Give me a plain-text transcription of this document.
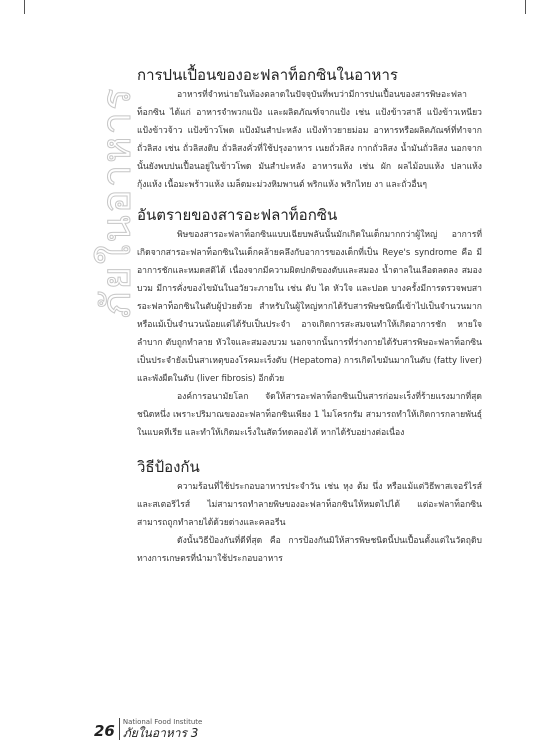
ภัยในอาหาร
การปนเปื้อนของอะฟลาท็อกซินในอาหาร

อาหารที่จำหน่ายในท้องตลาดในปัจจุบันที่พบว่ามีการปนเปื้อนของสารพิษอะฟลาท็อกซิน ได้แก่ อาหารจำพวกแป้ง และผลิตภัณฑ์จากแป้ง เช่น แป้งข้าวสาลี แป้งข้าวเหนียว แป้งข้าวจ้าว แป้งข้าวโพด แป้งมันสำปะหลัง แป้งท้าวยายม่อม อาหารหรือผลิตภัณฑ์ที่ทำจากถั่วลิสง เช่น ถั่วลิสงดิบ ถั่วลิสงคั่วที่ใช้ปรุงอาหาร เนยถั่วลิสง กากถั่วลิสง น้ำมันถั่วลิสง นอกจากนั้นยังพบปนเปื้อนอยู่ในข้าวโพด มันสำปะหลัง อาหารแห้ง เช่น ผัก ผลไม้อบแห้ง ปลาแห้ง กุ้งแห้ง เนื้อมะพร้าวแห้ง เมล็ดมะม่วงหิมพานต์ พริกแห้ง พริกไทย งา และถั่วอื่นๆ

อันตรายของสารอะฟลาท็อกซิน

พิษของสารอะฟลาท็อกซินแบบเฉียบพลันนั้นมักเกิดในเด็กมากกว่าผู้ใหญ่ อาการที่เกิดจากสารอะฟลาท็อกซินในเด็กคล้ายคลึงกับอาการของเด็กที่เป็น Reye's syndrome คือ มีอาการชักและหมดสติได้ เนื่องจากมีความผิดปกติของตับและสมอง น้ำตาลในเลือดลดลง สมองบวม มีการคั่งของไขมันในอวัยวะภายใน เช่น ตับ ไต หัวใจ และปอด บางครั้งมีการตรวจพบสารอะฟลาท็อกซินในตับผู้ป่วยด้วย สำหรับในผู้ใหญ่หากได้รับสารพิษชนิดนี้เข้าไปเป็นจำนวนมาก หรือแม้เป็นจำนวนน้อยแต่ได้รับเป็นประจำ อาจเกิดการสะสมจนทำให้เกิดอาการชัก หายใจลำบาก ตับถูกทำลาย หัวใจและสมองบวม นอกจากนั้นการที่ร่างกายได้รับสารพิษอะฟลาท็อกซินเป็นประจำยังเป็นสาเหตุของโรคมะเร็งตับ (Hepatoma) การเกิดไขมันมากในตับ (fatty liver) และพังผืดในตับ (liver fibrosis) อีกด้วย

องค์การอนามัยโลก จัดให้สารอะฟลาท็อกซินเป็นสารก่อมะเร็งที่ร้ายแรงมากที่สุดชนิดหนึ่ง เพราะปริมาณของอะฟลาท็อกซินเพียง 1 ไมโครกรัม สามารถทำให้เกิดการกลายพันธุ์ในแบคทีเรีย และทำให้เกิดมะเร็งในสัตว์ทดลองได้ หากได้รับอย่างต่อเนื่อง

วิธีป้องกัน

ความร้อนที่ใช้ประกอบอาหารประจำวัน เช่น หุง ต้ม นึ่ง หรือแม้แต่วิธีพาสเจอร์ไรส์ และสเตอริไรส์ ไม่สามารถทำลายพิษของอะฟลาท็อกซินให้หมดไปได้ แต่อะฟลาท็อกซินสามารถถูกทำลายได้ด้วยด่างและคลอรีน

ดังนั้นวิธีป้องกันที่ดีที่สุด คือ การป้องกันมิให้สารพิษชนิดนี้ปนเปื้อนตั้งแต่ในวัตถุดิบทางการเกษตรที่นำมาใช้ประกอบอาหาร

26 National Food Institute
ภัยในอาหาร 3
